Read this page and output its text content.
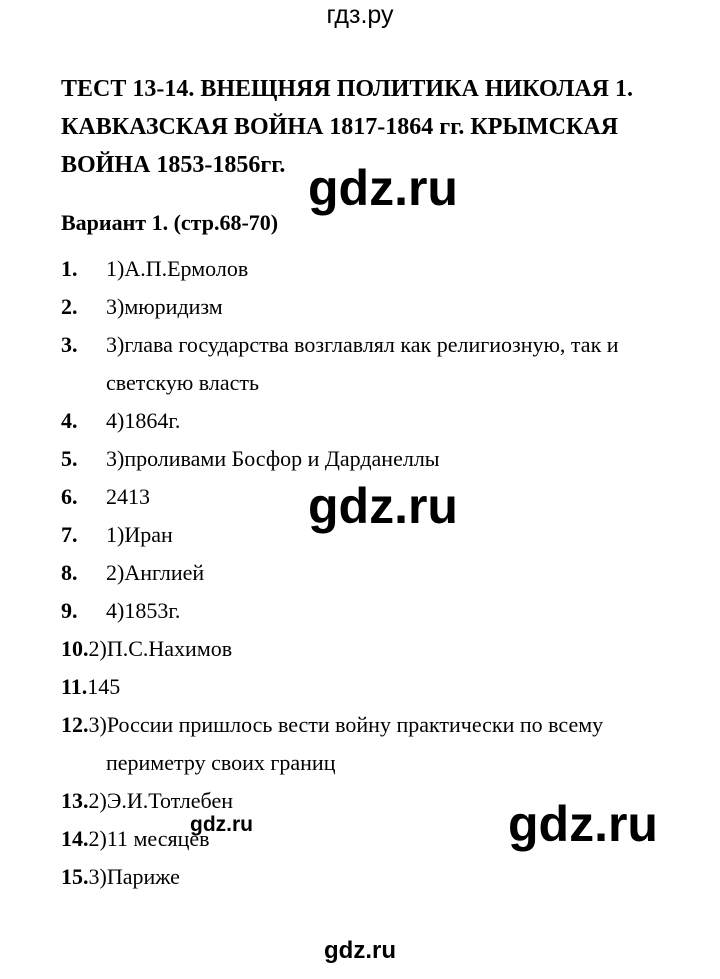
гдз.ру
ТЕСТ 13-14. ВНЕЩНЯЯ ПОЛИТИКА НИКОЛАЯ 1.
КАВКАЗСКАЯ ВОЙНА 1817-1864 гг. КРЫМСКАЯ
ВОЙНА 1853-1856гг.
Вариант 1. (стр.68-70)
1. 1)А.П.Ермолов
2. 3)мюридизм
3. 3)глава государства возглавлял как религиозную, так и
светскую власть
4. 4)1864г.
5. 3)проливами Босфор и Дарданеллы
6. 2413
7. 1)Иран
8. 2)Англией
9. 4)1853г.
10.2)П.С.Нахимов
11.145
12.3)России пришлось вести войну практически по всему
периметру своих границ
13.2)Э.И.Тотлебен
14.2)11 месяцев
15.3)Париже
gdz.ru
gdz.ru
gdz.ru
gdz.ru
gdz.ru
